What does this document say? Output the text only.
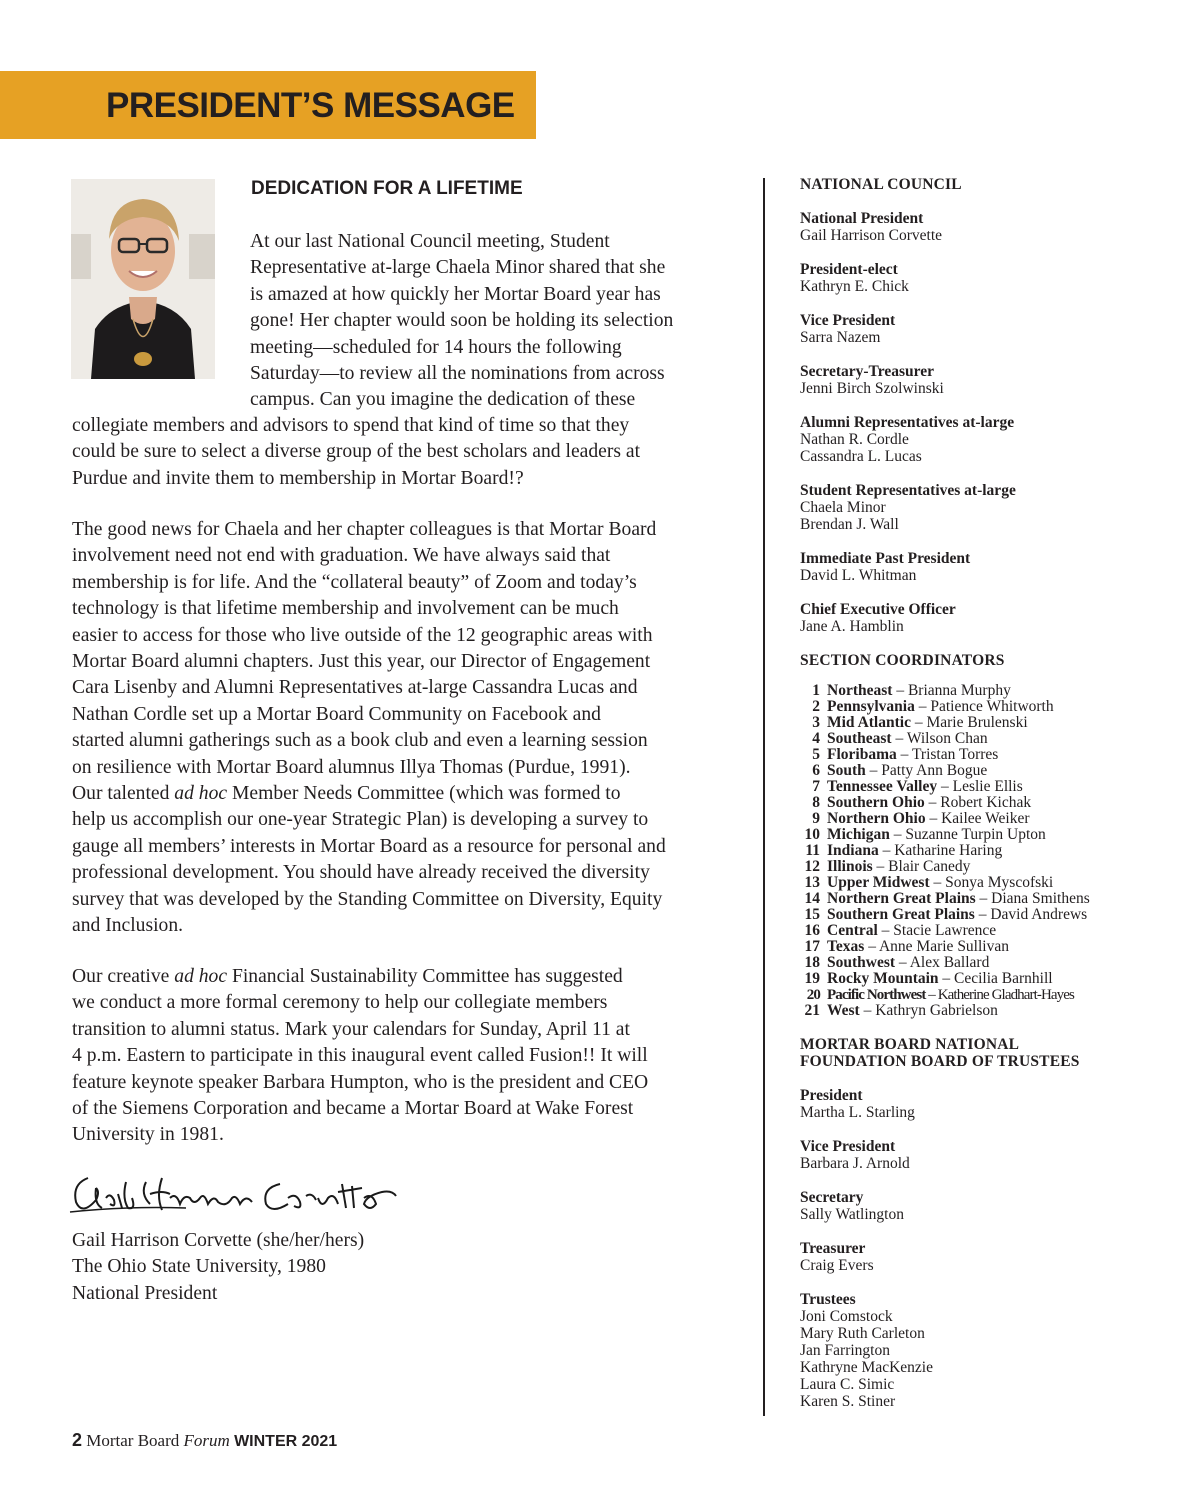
PRESIDENT’S MESSAGE
DEDICATION FOR A LIFETIME
At our last National Council meeting, Student
Representative at-large Chaela Minor shared that she
is amazed at how quickly her Mortar Board year has
gone! Her chapter would soon be holding its selection
meeting—scheduled for 14 hours the following
Saturday—to review all the nominations from across
campus. Can you imagine the dedication of these
collegiate members and advisors to spend that kind of time so that they
could be sure to select a diverse group of the best scholars and leaders at
Purdue and invite them to membership in Mortar Board!?
The good news for Chaela and her chapter colleagues is that Mortar Board
involvement need not end with graduation. We have always said that
membership is for life. And the “collateral beauty” of Zoom and today’s
technology is that lifetime membership and involvement can be much
easier to access for those who live outside of the 12 geographic areas with
Mortar Board alumni chapters. Just this year, our Director of Engagement
Cara Lisenby and Alumni Representatives at-large Cassandra Lucas and
Nathan Cordle set up a Mortar Board Community on Facebook and
started alumni gatherings such as a book club and even a learning session
on resilience with Mortar Board alumnus Illya Thomas (Purdue, 1991).
Our talented ad hoc Member Needs Committee (which was formed to
help us accomplish our one-year Strategic Plan) is developing a survey to
gauge all members’ interests in Mortar Board as a resource for personal and
professional development. You should have already received the diversity
survey that was developed by the Standing Committee on Diversity, Equity
and Inclusion.
Our creative ad hoc Financial Sustainability Committee has suggested
we conduct a more formal ceremony to help our collegiate members
transition to alumni status. Mark your calendars for Sunday, April 11 at
4 p.m. Eastern to participate in this inaugural event called Fusion!! It will
feature keynote speaker Barbara Humpton, who is the president and CEO
of the Siemens Corporation and became a Mortar Board at Wake Forest
University in 1981.
Gail Harrison Corvette (she/her/hers)
The Ohio State University, 1980
National President
2 Mortar Board Forum WINTER 2021
NATIONAL COUNCIL
National President
Gail Harrison Corvette
President-elect
Kathryn E. Chick
Vice President
Sarra Nazem
Secretary-Treasurer
Jenni Birch Szolwinski
Alumni Representatives at-large
Nathan R. Cordle
Cassandra L. Lucas
Student Representatives at-large
Chaela Minor
Brendan J. Wall
Immediate Past President
David L. Whitman
Chief Executive Officer
Jane A. Hamblin
SECTION COORDINATORS
1 Northeast – Brianna Murphy
2 Pennsylvania – Patience Whitworth
3 Mid Atlantic – Marie Brulenski
4 Southeast – Wilson Chan
5 Floribama – Tristan Torres
6 South – Patty Ann Bogue
7 Tennessee Valley – Leslie Ellis
8 Southern Ohio – Robert Kichak
9 Northern Ohio – Kailee Weiker
10 Michigan – Suzanne Turpin Upton
11 Indiana – Katharine Haring
12 Illinois – Blair Canedy
13 Upper Midwest – Sonya Myscofski
14 Northern Great Plains – Diana Smithens
15 Southern Great Plains – David Andrews
16 Central – Stacie Lawrence
17 Texas – Anne Marie Sullivan
18 Southwest – Alex Ballard
19 Rocky Mountain – Cecilia Barnhill
20 Pacific Northwest – Katherine Gladhart-Hayes
21 West – Kathryn Gabrielson
MORTAR BOARD NATIONAL
FOUNDATION BOARD OF TRUSTEES
President
Martha L. Starling
Vice President
Barbara J. Arnold
Secretary
Sally Watlington
Treasurer
Craig Evers
Trustees
Joni Comstock
Mary Ruth Carleton
Jan Farrington
Kathryne MacKenzie
Laura C. Simic
Karen S. Stiner
